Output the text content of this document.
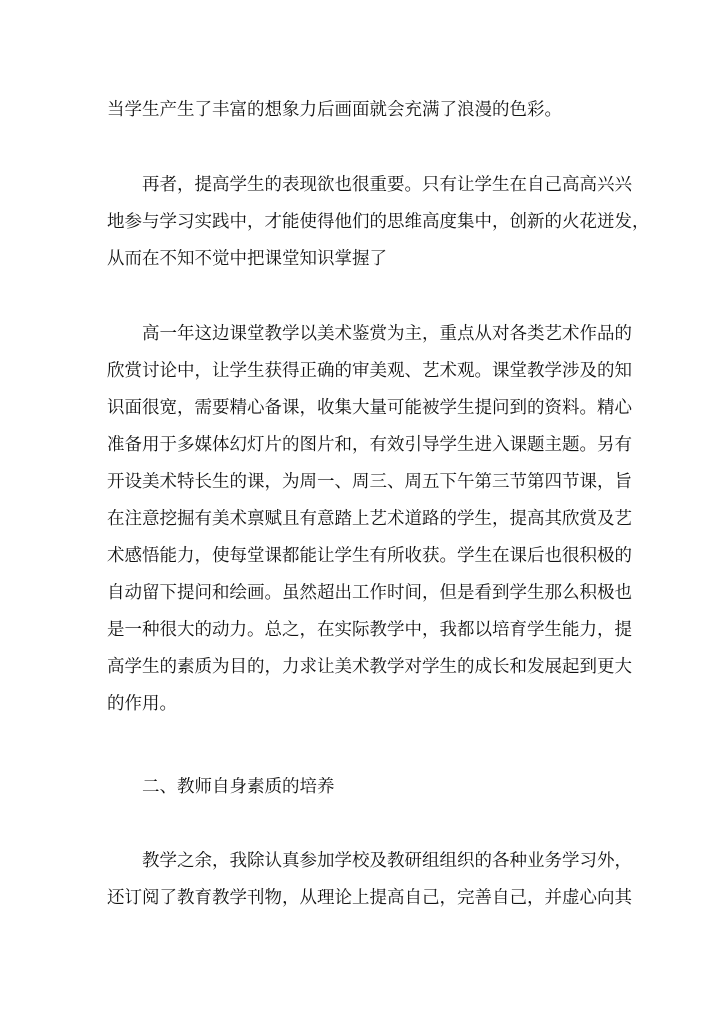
当学生产生了丰富的想象力后画面就会充满了浪漫的色彩。
再者，提高学生的表现欲也很重要。只有让学生在自己高高兴兴
地参与学习实践中，才能使得他们的思维高度集中，创新的火花迸发，
从而在不知不觉中把课堂知识掌握了
高一年这边课堂教学以美术鉴赏为主，重点从对各类艺术作品的
欣赏讨论中，让学生获得正确的审美观、艺术观。课堂教学涉及的知
识面很宽，需要精心备课，收集大量可能被学生提问到的资料。精心
准备用于多媒体幻灯片的图片和，有效引导学生进入课题主题。另有
开设美术特长生的课，为周一、周三、周五下午第三节第四节课，旨
在注意挖掘有美术禀赋且有意踏上艺术道路的学生，提高其欣赏及艺
术感悟能力，使每堂课都能让学生有所收获。学生在课后也很积极的
自动留下提问和绘画。虽然超出工作时间，但是看到学生那么积极也
是一种很大的动力。总之，在实际教学中，我都以培育学生能力，提
高学生的素质为目的，力求让美术教学对学生的成长和发展起到更大
的作用。
二、教师自身素质的培养
教学之余，我除认真参加学校及教研组组织的各种业务学习外，
还订阅了教育教学刊物，从理论上提高自己，完善自己，并虚心向其
